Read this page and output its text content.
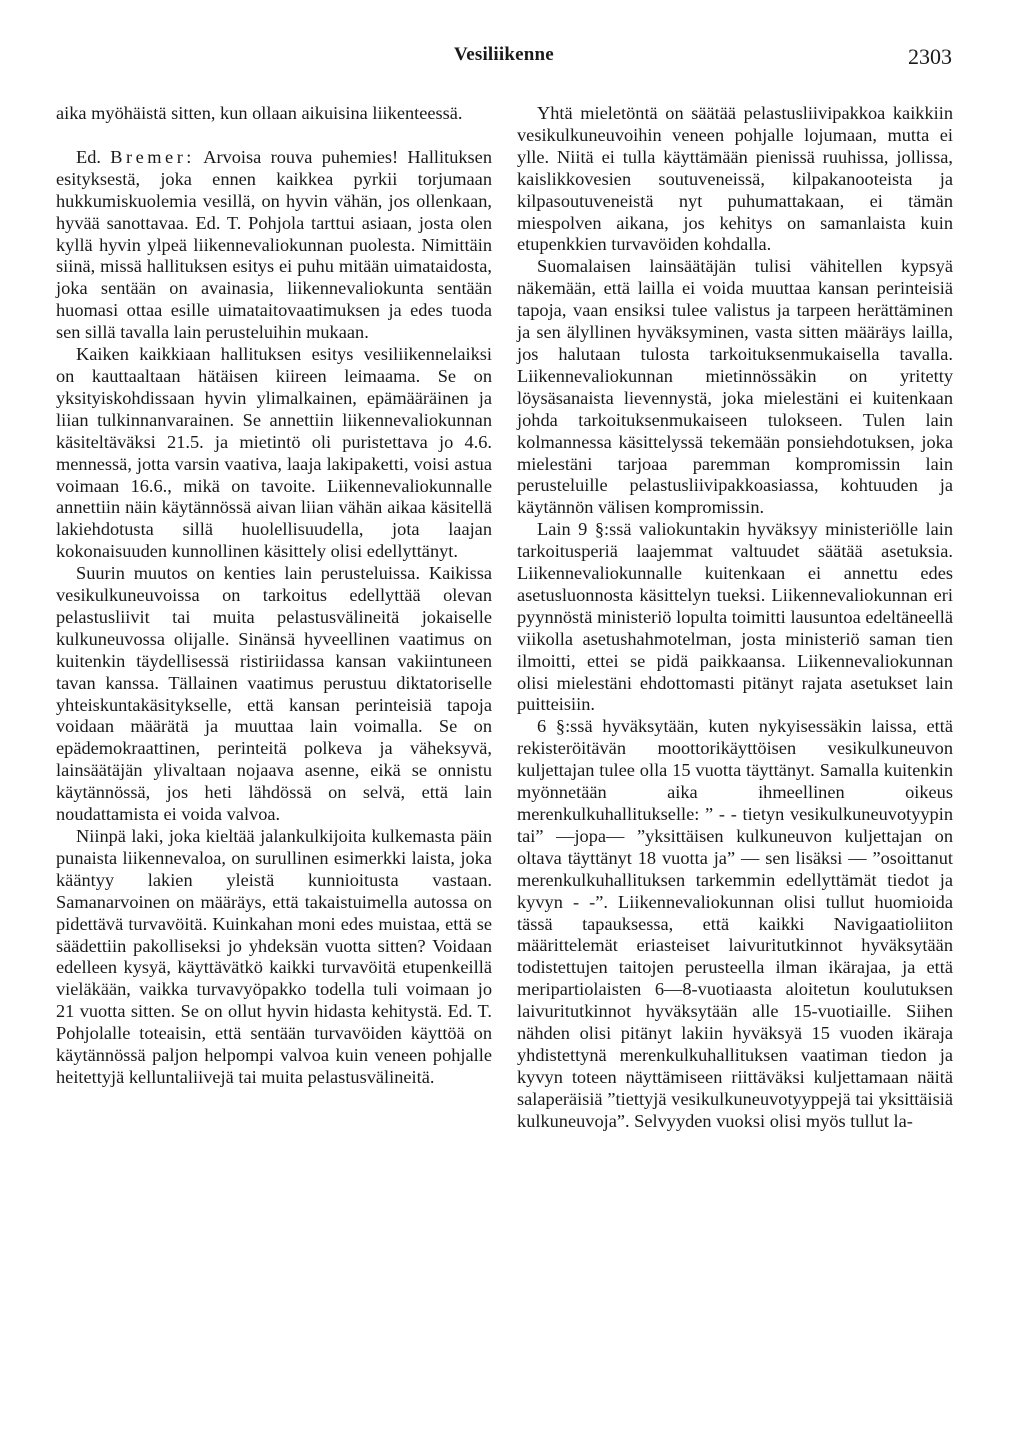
Vesiliikenne	2303

aika myöhäistä sitten, kun ollaan aikuisina liikenteessä.

Ed. Bremer: Arvoisa rouva puhemies! Hallituksen esityksestä, joka ennen kaikkea pyrkii torjumaan hukkumiskuolemia vesillä, on hyvin vähän, jos ollenkaan, hyvää sanottavaa. Ed. T. Pohjola tarttui asiaan, josta olen kyllä hyvin ylpeä liikennevaliokunnan puolesta. Nimittäin siinä, missä hallituksen esitys ei puhu mitään uimataidosta, joka sentään on avainasia, liikennevaliokunta sentään huomasi ottaa esille uimataitovaatimuksen ja edes tuoda sen sillä tavalla lain perusteluihin mukaan.

Kaiken kaikkiaan hallituksen esitys vesiliikennelaiksi on kauttaaltaan hätäisen kiireen leimaama. Se on yksityiskohdissaan hyvin ylimalkainen, epämääräinen ja liian tulkinnanvarainen. Se annettiin liikennevaliokunnan käsiteltäväksi 21.5. ja mietintö oli puristettava jo 4.6. mennessä, jotta varsin vaativa, laaja lakipaketti, voisi astua voimaan 16.6., mikä on tavoite. Liikennevaliokunnalle annettiin näin käytännössä aivan liian vähän aikaa käsitellä lakiehdotusta sillä huolellisuudella, jota laajan kokonaisuuden kunnollinen käsittely olisi edellyttänyt.

Suurin muutos on kenties lain perusteluissa. Kaikissa vesikulkuneuvoissa on tarkoitus edellyttää olevan pelastusliivit tai muita pelastusvälineitä jokaiselle kulkuneuvossa olijalle. Sinänsä hyveellinen vaatimus on kuitenkin täydellisessä ristiriidassa kansan vakiintuneen tavan kanssa. Tällainen vaatimus perustuu diktatoriselle yhteiskuntakäsitykselle, että kansan perinteisiä tapoja voidaan määrätä ja muuttaa lain voimalla. Se on epädemokraattinen, perinteitä polkeva ja väheksyvä, lainsäätäjän ylivaltaan nojaava asenne, eikä se onnistu käytännössä, jos heti lähdössä on selvä, että lain noudattamista ei voida valvoa.

Niinpä laki, joka kieltää jalankulkijoita kulkemasta päin punaista liikennevaloa, on surullinen esimerkki laista, joka kääntyy lakien yleistä kunnioitusta vastaan. Samanarvoinen on määräys, että takaistuimella autossa on pidettävä turvavöitä. Kuinkahan moni edes muistaa, että se säädettiin pakolliseksi jo yhdeksän vuotta sitten? Voidaan edelleen kysyä, käyttävätkö kaikki turvavöitä etupenkeillä vieläkään, vaikka turvavyöpakko todella tuli voimaan jo 21 vuotta sitten. Se on ollut hyvin hidasta kehitystä. Ed. T. Pohjolalle toteaisin, että sentään turvavöiden käyttöä on käytännössä paljon helpompi valvoa kuin veneen pohjalle heitettyjä kelluntaliivejä tai muita pelastusvälineitä.

Yhtä mieletöntä on säätää pelastusliivipakkoa kaikkiin vesikulkuneuvoihin veneen pohjalle lojumaan, mutta ei ylle. Niitä ei tulla käyttämään pienissä ruuhissa, jollissa, kaislikkovesien soutuveneissä, kilpakanooteista ja kilpasoutuveneistä nyt puhumattakaan, ei tämän miespolven aikana, jos kehitys on samanlaista kuin etupenkkien turvavöiden kohdalla.

Suomalaisen lainsäätäjän tulisi vähitellen kypsyä näkemään, että lailla ei voida muuttaa kansan perinteisiä tapoja, vaan ensiksi tulee valistus ja tarpeen herättäminen ja sen älyllinen hyväksyminen, vasta sitten määräys lailla, jos halutaan tulosta tarkoituksenmukaisella tavalla. Liikennevaliokunnan mietinnössäkin on yritetty löysäsanaista lievennystä, joka mielestäni ei kuitenkaan johda tarkoituksenmukaiseen tulokseen. Tulen lain kolmannessa käsittelyssä tekemään ponsiehdotuksen, joka mielestäni tarjoaa paremman kompromissin lain perusteluille pelastusliivipakkoasiassa, kohtuuden ja käytännön välisen kompromissin.

Lain 9 §:ssä valiokuntakin hyväksyy ministeriölle lain tarkoitusperiä laajemmat valtuudet säätää asetuksia. Liikennevaliokunnalle kuitenkaan ei annettu edes asetusluonnosta käsittelyn tueksi. Liikennevaliokunnan eri pyynnöstä ministeriö lopulta toimitti lausuntoa edeltäneellä viikolla asetushahmotelman, josta ministeriö saman tien ilmoitti, ettei se pidä paikkaansa. Liikennevaliokunnan olisi mielestäni ehdottomasti pitänyt rajata asetukset lain puitteisiin.

6 §:ssä hyväksytään, kuten nykyisessäkin laissa, että rekisteröitävän moottorikäyttöisen vesikulkuneuvon kuljettajan tulee olla 15 vuotta täyttänyt. Samalla kuitenkin myönnetään aika ihmeellinen oikeus merenkulkuhallitukselle: ” - - tietyn vesikulkuneuvotyypin tai” —jopa— ”yksittäisen kulkuneuvon kuljettajan on oltava täyttänyt 18 vuotta ja” — sen lisäksi — ”osoittanut merenkulkuhallituksen tarkemmin edellyttämät tiedot ja kyvyn - -”. Liikennevaliokunnan olisi tullut huomioida tässä tapauksessa, että kaikki Navigaatioliiton määrittelemät eriasteiset laivuritutkinnot hyväksytään todistettujen taitojen perusteella ilman ikärajaa, ja että meripartiolaisten 6—8-vuotiaasta aloitetun koulutuksen laivuritutkinnot hyväksytään alle 15-vuotiaille. Siihen nähden olisi pitänyt lakiin hyväksyä 15 vuoden ikäraja yhdistettynä merenkulkuhallituksen vaatiman tiedon ja kyvyn toteen näyttämiseen riittäväksi kuljettamaan näitä salaperäisiä ”tiettyjä vesikulkuneuvotyyppejä tai yksittäisiä kulkuneuvoja”. Selvyyden vuoksi olisi myös tullut la-
